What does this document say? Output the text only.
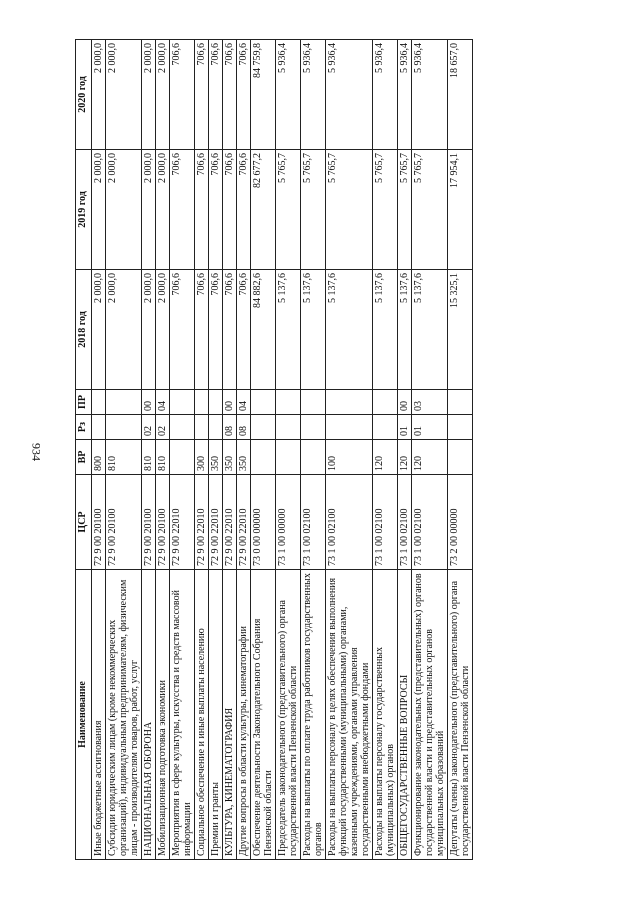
934
Наименование	ЦСР	ВР	Рз	ПР	2018 год	2019 год	2020 год
Иные бюджетные ассигнования	72 9 00 20100	800			2 000,0	2 000,0	2 000,0
Субсидии юридическим лицам (кроме некоммерческих организаций), индивидуальным предпринимателям, физическим лицам - производителям товаров, работ, услуг	72 9 00 20100	810			2 000,0	2 000,0	2 000,0
НАЦИОНАЛЬНАЯ ОБОРОНА	72 9 00 20100	810	02	00	2 000,0	2 000,0	2 000,0
Мобилизационная подготовка экономики	72 9 00 20100	810	02	04	2 000,0	2 000,0	2 000,0
Мероприятия в сфере культуры, искусства и средств массовой информации	72 9 00 22010				706,6	706,6	706,6
Социальное обеспечение и иные выплаты населению	72 9 00 22010	300			706,6	706,6	706,6
Премии и гранты	72 9 00 22010	350			706,6	706,6	706,6
КУЛЬТУРА, КИНЕМАТОГРАФИЯ	72 9 00 22010	350	08	00	706,6	706,6	706,6
Другие вопросы в области культуры, кинематографии	72 9 00 22010	350	08	04	706,6	706,6	706,6
Обеспечение деятельности Законодательного Собрания Пензенской области	73 0 00 00000				84 882,6	82 677,2	84 759,8
Председатель законодательного (представительного) органа государственной власти Пензенской области	73 1 00 00000				5 137,6	5 765,7	5 936,4
Расходы на выплаты по оплате труда работников государственных органов	73 1 00 02100				5 137,6	5 765,7	5 936,4
Расходы на выплаты персоналу в целях обеспечения выполнения функций государственными (муниципальными) органами, казенными учреждениями, органами управления государственными внебюджетными фондами	73 1 00 02100	100			5 137,6	5 765,7	5 936,4
Расходы на выплаты персоналу государственных (муниципальных) органов	73 1 00 02100	120			5 137,6	5 765,7	5 936,4
ОБЩЕГОСУДАРСТВЕННЫЕ ВОПРОСЫ	73 1 00 02100	120	01	00	5 137,6	5 765,7	5 936,4
Функционирование законодательных (представительных) органов государственной власти и представительных органов муниципальных образований	73 1 00 02100	120	01	03	5 137,6	5 765,7	5 936,4
Депутаты (члены) законодательного (представительного) органа государственной власти Пензенской области	73 2 00 00000				15 325,1	17 954,1	18 657,0
